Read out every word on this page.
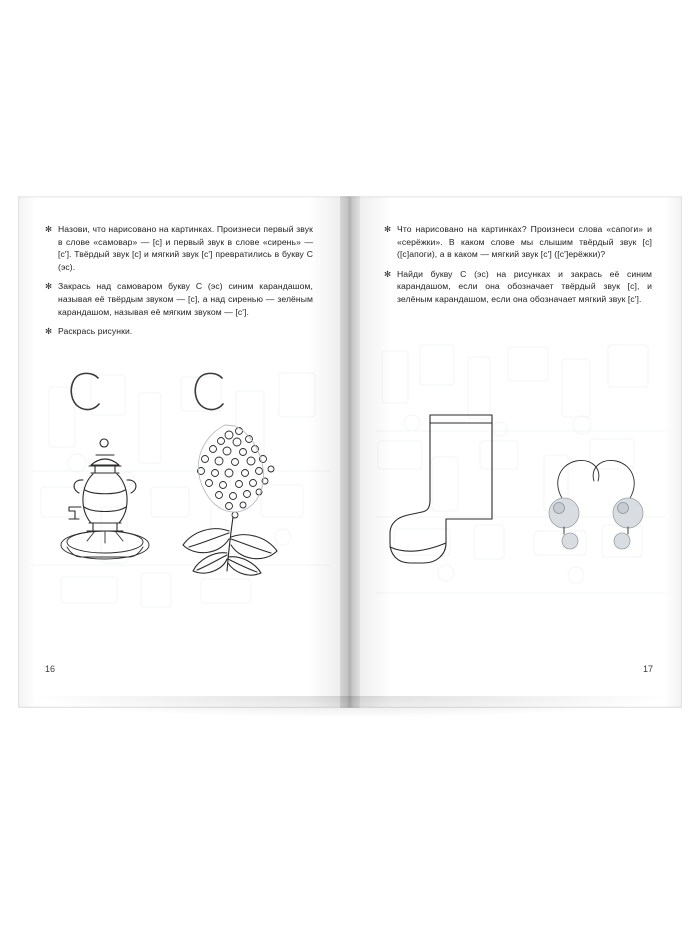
✻ Назови, что нарисовано на картинках. Произнеси первый звук в слове «самовар» — [с] и первый звук в слове «сирень» — [с']. Твёрдый звук [с] и мягкий звук [с'] превратились в букву С (эс).
✻ Закрась над самоваром букву С (эс) синим карандашом, называя её твёрдым звуком — [с], а над сиренью — зелёным карандашом, называя её мягким звуком — [с'].
✻ Раскрась рисунки.
16
✻ Что нарисовано на картинках? Произнеси слова «сапоги» и «серёжки». В каком слове мы слышим твёрдый звук [с] ([с]апоги), а в каком — мягкий звук [с'] ([с']ерёжки)?
✻ Найди букву С (эс) на рисунках и закрась её синим карандашом, если она обозначает твёрдый звук [с], и зелёным карандашом, если она обозначает мягкий звук [с'].
17
